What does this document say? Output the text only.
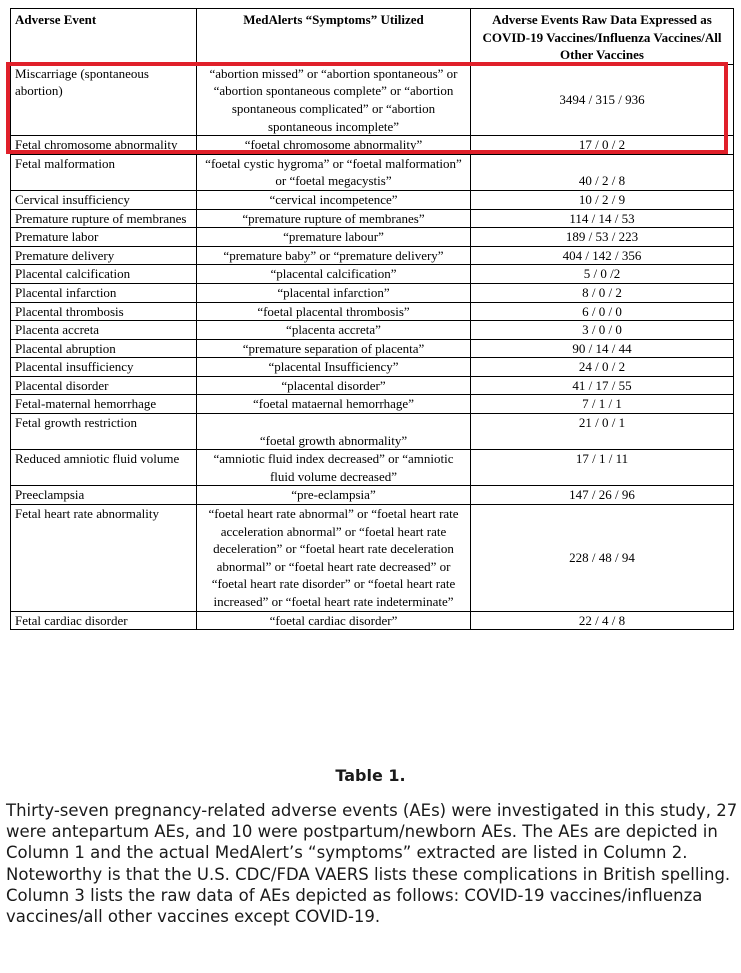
Adverse Event	MedAlerts “Symptoms” Utilized	Adverse Events Raw Data Expressed as COVID-19 Vaccines/Influenza Vaccines/All Other Vaccines
Miscarriage (spontaneous abortion)	“abortion missed” or “abortion spontaneous” or “abortion spontaneous complete” or “abortion spontaneous complicated” or “abortion spontaneous incomplete”	3494 / 315 / 936
Fetal chromosome abnormality	“foetal chromosome abnormality”	17 / 0 / 2
Fetal malformation	“foetal cystic hygroma” or “foetal malformation” or “foetal megacystis”	40 / 2 / 8
Cervical insufficiency	“cervical incompetence”	10 / 2 / 9
Premature rupture of membranes	“premature rupture of membranes”	114 / 14 / 53
Premature labor	“premature labour”	189 / 53 / 223
Premature delivery	“premature baby” or “premature delivery”	404 / 142 / 356
Placental calcification	“placental calcification”	5 / 0 /2
Placental infarction	“placental infarction”	8 / 0 / 2
Placental thrombosis	“foetal placental thrombosis”	6 / 0 / 0
Placenta accreta	“placenta accreta”	3 / 0 / 0
Placental abruption	“premature separation of placenta”	90 / 14 / 44
Placental insufficiency	“placental Insufficiency”	24 / 0 / 2
Placental disorder	“placental disorder”	41 / 17 / 55
Fetal-maternal hemorrhage	“foetal mataernal hemorrhage”	7 / 1 / 1
Fetal growth restriction	“foetal growth abnormality”	21 / 0 / 1
Reduced amniotic fluid volume	“amniotic fluid index decreased” or “amniotic fluid volume decreased”	17 / 1 / 11
Preeclampsia	“pre-eclampsia”	147 / 26 / 96
Fetal heart rate abnormality	“foetal heart rate abnormal” or “foetal heart rate acceleration abnormal” or “foetal heart rate deceleration” or “foetal heart rate deceleration abnormal” or “foetal heart rate decreased” or “foetal heart rate disorder” or “foetal heart rate increased” or “foetal heart rate indeterminate”	228 / 48 / 94
Fetal cardiac disorder	“foetal cardiac disorder”	22 / 4 / 8

Table 1.

Thirty-seven pregnancy-related adverse events (AEs) were investigated in this study, 27 were antepartum AEs, and 10 were postpartum/newborn AEs. The AEs are depicted in Column 1 and the actual MedAlert’s “symptoms” extracted are listed in Column 2. Noteworthy is that the U.S. CDC/FDA VAERS lists these complications in British spelling. Column 3 lists the raw data of AEs depicted as follows: COVID-19 vaccines/influenza vaccines/all other vaccines except COVID-19.
